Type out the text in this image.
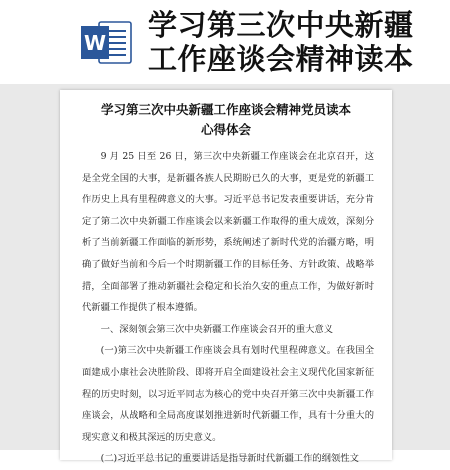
W
学习第三次中央新疆
工作座谈会精神读本
学习第三次中央新疆工作座谈会精神党员读本
心得体会

9 月 25 日至 26 日，第三次中央新疆工作座谈会在北京召开，这是全党全国的大事，是新疆各族人民期盼已久的大事，更是党的新疆工作历史上具有里程碑意义的大事。习近平总书记发表重要讲话，充分肯定了第二次中央新疆工作座谈会以来新疆工作取得的重大成效，深刻分析了当前新疆工作面临的新形势，系统阐述了新时代党的治疆方略，明确了做好当前和今后一个时期新疆工作的目标任务、方针政策、战略举措，全面部署了推动新疆社会稳定和长治久安的重点工作，为做好新时代新疆工作提供了根本遵循。

一、深刻领会第三次中央新疆工作座谈会召开的重大意义

(一)第三次中央新疆工作座谈会具有划时代里程碑意义。在我国全面建成小康社会决胜阶段、即将开启全面建设社会主义现代化国家新征程的历史时刻，以习近平同志为核心的党中央召开第三次中央新疆工作座谈会，从战略和全局高度谋划推进新时代新疆工作，具有十分重大的现实意义和极其深远的历史意义。

(二)习近平总书记的重要讲话是指导新时代新疆工作的纲领性文
